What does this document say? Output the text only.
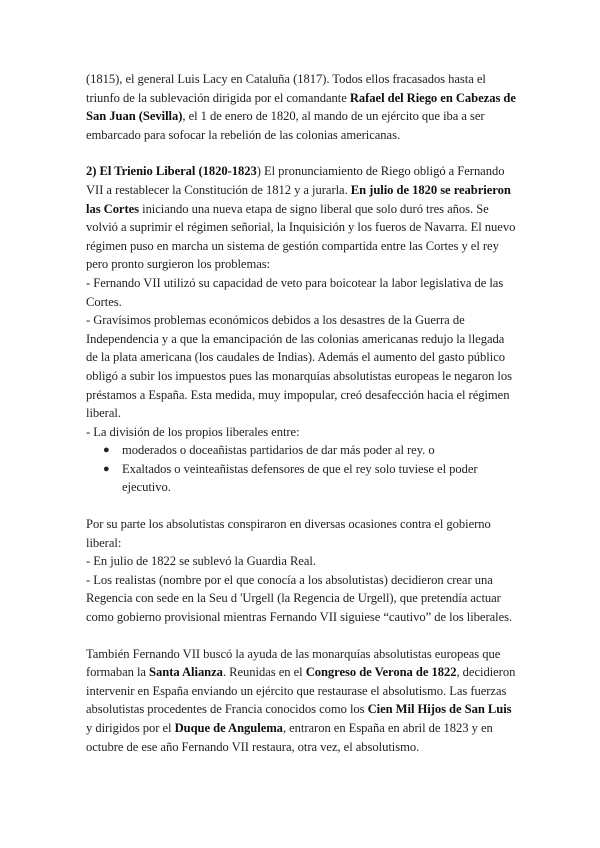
(1815), el general Luis Lacy en Cataluña (1817). Todos ellos fracasados hasta el triunfo de la sublevación dirigida por el comandante Rafael del Riego en Cabezas de San Juan (Sevilla), el 1 de enero de 1820, al mando de un ejército que iba a ser embarcado para sofocar la rebelión de las colonias americanas.

2) El Trienio Liberal (1820-1823) El pronunciamiento de Riego obligó a Fernando VII a restablecer la Constitución de 1812 y a jurarla. En julio de 1820 se reabrieron las Cortes iniciando una nueva etapa de signo liberal que solo duró tres años. Se volvió a suprimir el régimen señorial, la Inquisición y los fueros de Navarra. El nuevo régimen puso en marcha un sistema de gestión compartida entre las Cortes y el rey pero pronto surgieron los problemas:

- Fernando VII utilizó su capacidad de veto para boicotear la labor legislativa de las Cortes.

- Gravísimos problemas económicos debidos a los desastres de la Guerra de Independencia y a que la emancipación de las colonias americanas redujo la llegada de la plata americana (los caudales de Indias). Además el aumento del gasto público obligó a subir los impuestos pues las monarquías absolutistas europeas le negaron los préstamos a España. Esta medida, muy impopular, creó desafección hacia el régimen liberal.

- La división de los propios liberales entre:

● moderados o doceañistas partidarios de dar más poder al rey. o
● Exaltados o veinteañistas defensores de que el rey solo tuviese el poder ejecutivo.

Por su parte los absolutistas conspiraron en diversas ocasiones contra el gobierno liberal:

- En julio de 1822 se sublevó la Guardia Real.

- Los realistas (nombre por el que conocía a los absolutistas) decidieron crear una Regencia con sede en la Seu d 'Urgell (la Regencia de Urgell), que pretendía actuar como gobierno provisional mientras Fernando VII siguiese “cautivo” de los liberales.

También Fernando VII buscó la ayuda de las monarquías absolutistas europeas que formaban la Santa Alianza. Reunidas en el Congreso de Verona de 1822, decidieron intervenir en España enviando un ejército que restaurase el absolutismo. Las fuerzas absolutistas procedentes de Francia conocidos como los Cien Mil Hijos de San Luis y dirigidos por el Duque de Angulema, entraron en España en abril de 1823 y en octubre de ese año Fernando VII restaura, otra vez, el absolutismo.
